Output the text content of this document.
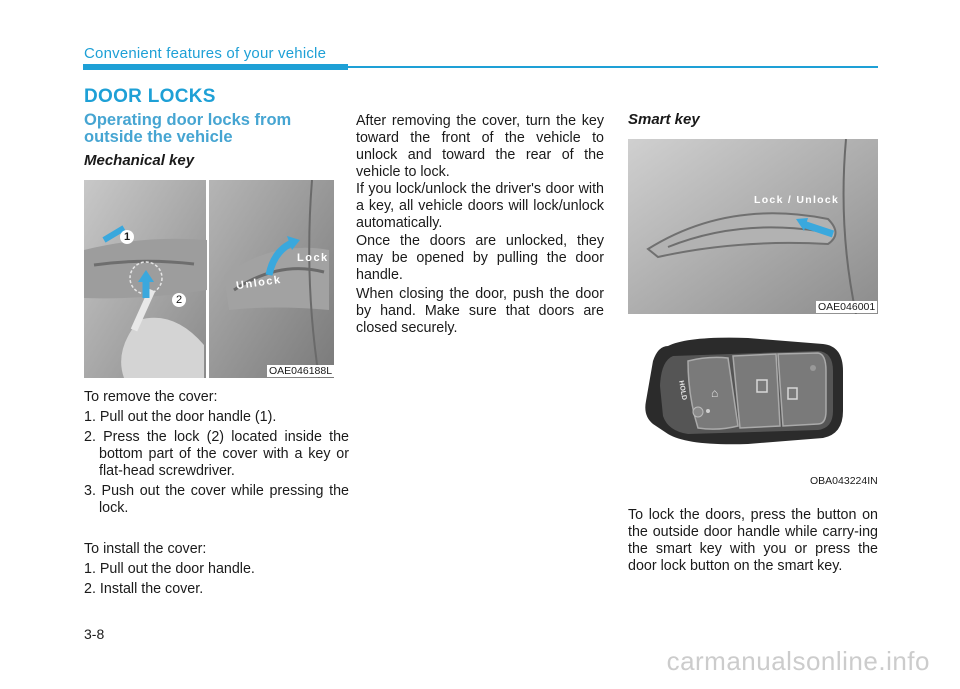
Convenient features of your vehicle
DOOR LOCKS
Operating door locks from outside the vehicle
Mechanical key
1
2
Unlock
Lock
OAE046188L
To remove the cover:
1. Pull out the door handle (1).
2. Press the lock (2) located inside the bottom part of the cover with a key or flat-head screwdriver.
3. Push out the cover while pressing the lock.
To install the cover:
1. Pull out the door handle.
2. Install the cover.
After removing the cover, turn the key toward the front of the vehicle to unlock and toward the rear of the vehicle to lock.
If you lock/unlock the driver's door with a key, all vehicle doors will lock/unlock automatically.
Once the doors are unlocked, they may be opened by pulling the door handle.
When closing the door, push the door by hand. Make sure that doors are closed securely.
Smart key
Lock / Unlock
OAE046001
HOLD ⌂
OBA043224IN
To lock the doors, press the button on the outside door handle while carry-ing the smart key with you or press the door lock button on the smart key.
3-8
carmanualsonline.info
